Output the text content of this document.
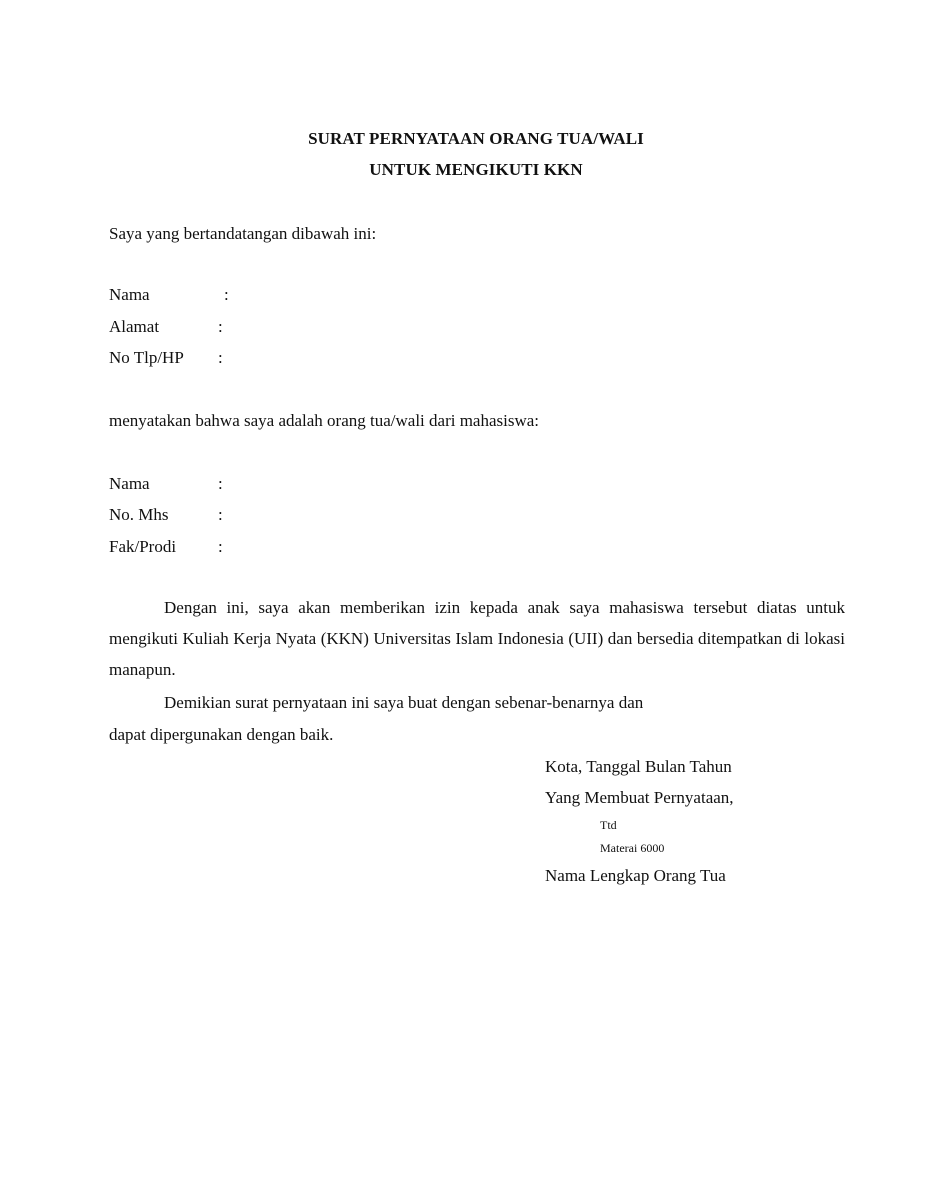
SURAT PERNYATAAN ORANG TUA/WALI
UNTUK MENGIKUTI KKN
Saya yang bertandatangan dibawah ini:
Nama	:
Alamat	:
No Tlp/HP :
menyatakan bahwa saya adalah orang tua/wali dari mahasiswa:
Nama	:
No. Mhs	:
Fak/Prodi :
Dengan ini, saya akan memberikan izin kepada anak saya mahasiswa tersebut diatas untuk mengikuti Kuliah Kerja Nyata (KKN) Universitas Islam Indonesia (UII) dan bersedia ditempatkan di lokasi manapun.
Demikian surat pernyataan ini saya buat dengan sebenar-benarnya dan
dapat dipergunakan dengan baik.
Kota, Tanggal Bulan Tahun
Yang Membuat Pernyataan,
Ttd
Materai 6000
Nama Lengkap Orang Tua
